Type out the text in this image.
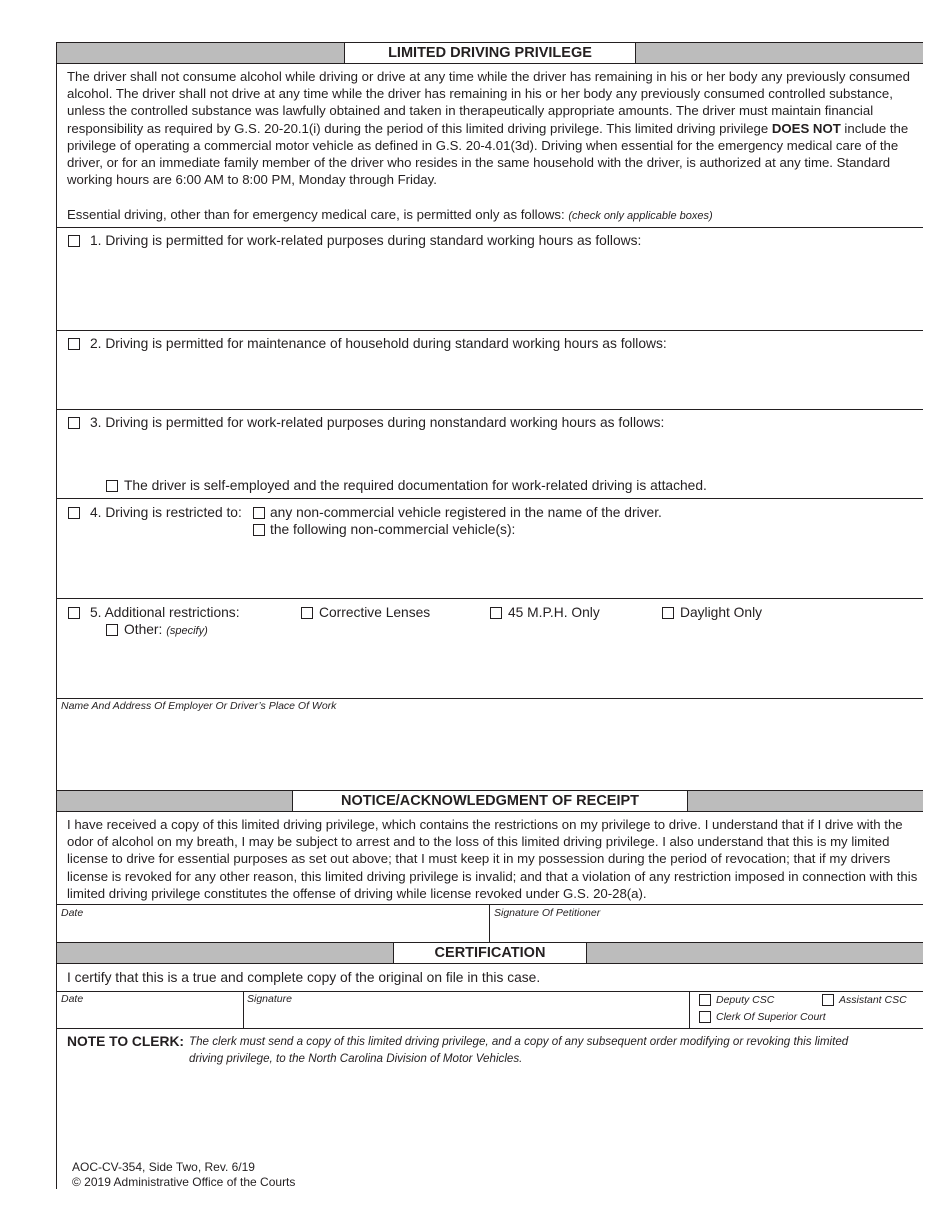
LIMITED DRIVING PRIVILEGE
The driver shall not consume alcohol while driving or drive at any time while the driver has remaining in his or her body any previously consumed alcohol. The driver shall not drive at any time while the driver has remaining in his or her body any previously consumed controlled substance, unless the controlled substance was lawfully obtained and taken in therapeutically appropriate amounts. The driver must maintain financial responsibility as required by G.S. 20-20.1(i) during the period of this limited driving privilege. This limited driving privilege DOES NOT include the privilege of operating a commercial motor vehicle as defined in G.S. 20-4.01(3d). Driving when essential for the emergency medical care of the driver, or for an immediate family member of the driver who resides in the same household with the driver, is authorized at any time. Standard working hours are 6:00 AM to 8:00 PM, Monday through Friday.
Essential driving, other than for emergency medical care, is permitted only as follows: (check only applicable boxes)
1. Driving is permitted for work-related purposes during standard working hours as follows:
2. Driving is permitted for maintenance of household during standard working hours as follows:
3. Driving is permitted for work-related purposes during nonstandard working hours as follows:
The driver is self-employed and the required documentation for work-related driving is attached.
4. Driving is restricted to: any non-commercial vehicle registered in the name of the driver.
the following non-commercial vehicle(s):
5. Additional restrictions:	Corrective Lenses	45 M.P.H. Only	Daylight Only
Other: (specify)
Name And Address Of Employer Or Driver’s Place Of Work
NOTICE/ACKNOWLEDGMENT OF RECEIPT
I have received a copy of this limited driving privilege, which contains the restrictions on my privilege to drive. I understand that if I drive with the odor of alcohol on my breath, I may be subject to arrest and to the loss of this limited driving privilege. I also understand that this is my limited license to drive for essential purposes as set out above; that I must keep it in my possession during the period of revocation; that if my drivers license is revoked for any other reason, this limited driving privilege is invalid; and that a violation of any restriction imposed in connection with this limited driving privilege constitutes the offense of driving while license revoked under G.S. 20-28(a).
Date	Signature Of Petitioner
CERTIFICATION
I certify that this is a true and complete copy of the original on file in this case.
Date	Signature	Deputy CSC	Assistant CSC
Clerk Of Superior Court
NOTE TO CLERK: The clerk must send a copy of this limited driving privilege, and a copy of any subsequent order modifying or revoking this limited
driving privilege, to the North Carolina Division of Motor Vehicles.
AOC-CV-354, Side Two, Rev. 6/19
© 2019 Administrative Office of the Courts
